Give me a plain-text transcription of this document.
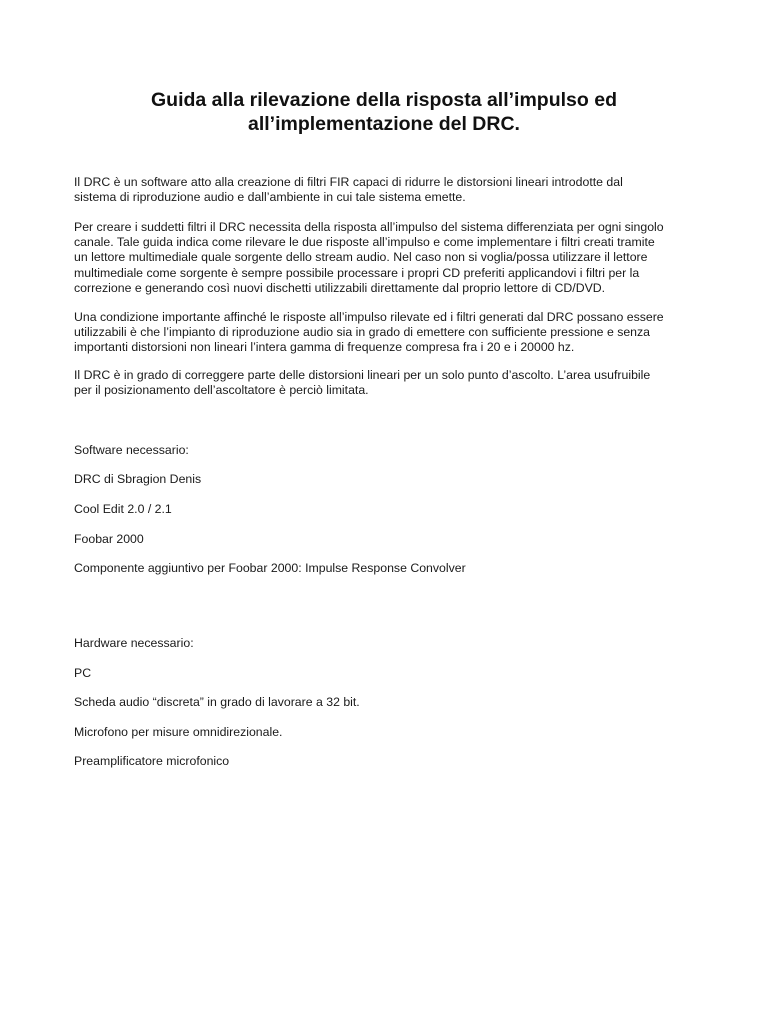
Guida alla rilevazione della risposta all’impulso ed
all’implementazione del DRC.
Il DRC è un software atto alla creazione di filtri FIR capaci di ridurre le distorsioni lineari introdotte dal
sistema di riproduzione audio e dall’ambiente in cui tale sistema emette.
Per creare i suddetti filtri il DRC necessita della risposta all’impulso del sistema differenziata per ogni singolo
canale. Tale guida indica come rilevare le due risposte all’impulso e come implementare i filtri creati tramite
un lettore multimediale quale sorgente dello stream audio. Nel caso non si voglia/possa utilizzare il lettore
multimediale come sorgente è sempre possibile processare i propri CD preferiti applicandovi i filtri per la
correzione e generando così nuovi dischetti utilizzabili direttamente dal proprio lettore di CD/DVD.
Una condizione importante affinché le risposte all’impulso rilevate ed i filtri generati dal DRC possano essere
utilizzabili è che l’impianto di riproduzione audio sia in grado di emettere con sufficiente pressione e senza
importanti distorsioni non lineari l’intera gamma di frequenze compresa fra i 20 e i 20000 hz.
Il DRC è in grado di correggere parte delle distorsioni lineari per un solo punto d’ascolto. L’area usufruibile
per il posizionamento dell’ascoltatore è perciò limitata.
Software necessario:
DRC di Sbragion Denis
Cool Edit 2.0 / 2.1
Foobar 2000
Componente aggiuntivo per Foobar 2000: Impulse Response Convolver
Hardware necessario:
PC
Scheda audio “discreta” in grado di lavorare a 32 bit.
Microfono per misure omnidirezionale.
Preamplificatore microfonico
